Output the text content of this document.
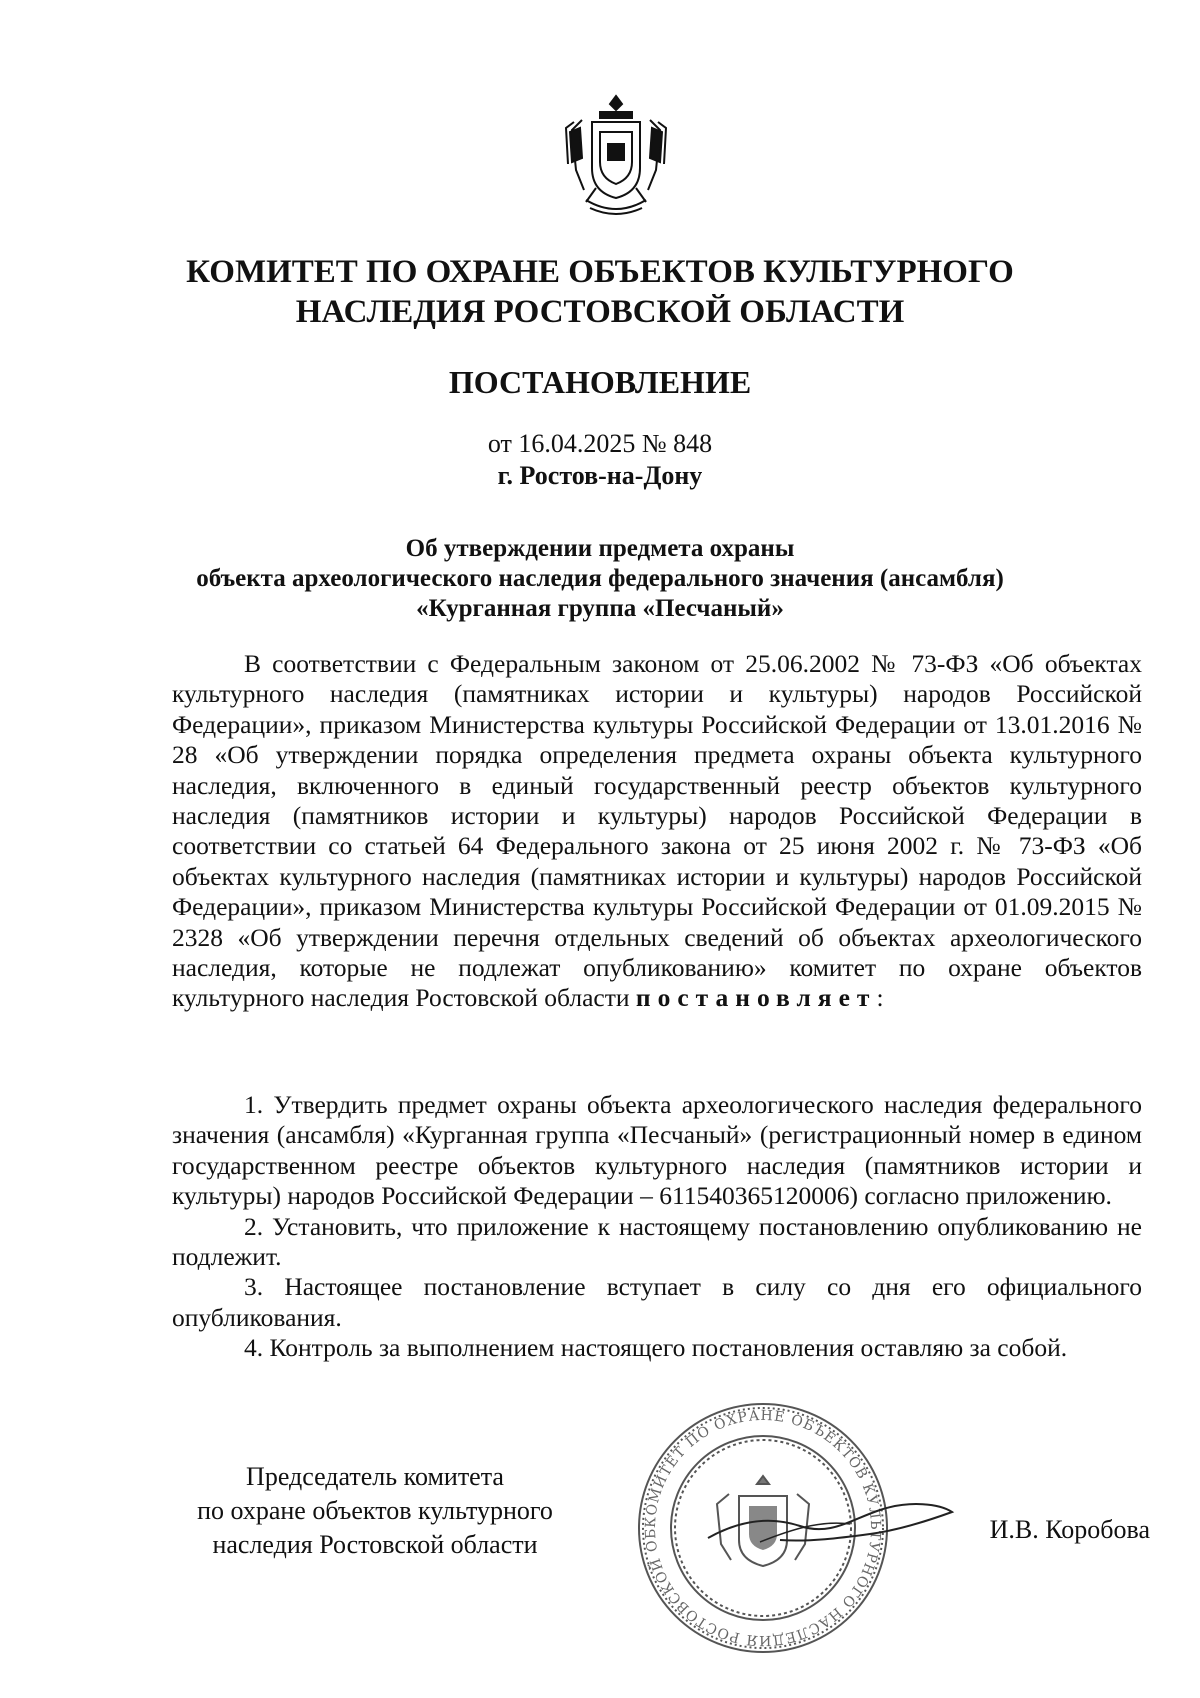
КОМИТЕТ ПО ОХРАНЕ ОБЪЕКТОВ КУЛЬТУРНОГО
НАСЛЕДИЯ РОСТОВСКОЙ ОБЛАСТИ
ПОСТАНОВЛЕНИЕ
от 16.04.2025 № 848
г. Ростов-на-Дону
Об утверждении предмета охраны
объекта археологического наследия федерального значения (ансамбля)
«Курганная группа «Песчаный»

В соответствии с Федеральным законом от 25.06.2002 № 73-ФЗ «Об объектах культурного наследия (памятниках истории и культуры) народов Российской Федерации», приказом Министерства культуры Российской Федерации от 13.01.2016 № 28 «Об утверждении порядка определения предмета охраны объекта культурного наследия, включенного в единый государственный реестр объектов культурного наследия (памятников истории и культуры) народов Российской Федерации в соответствии со статьей 64 Федерального закона от 25 июня 2002 г. № 73-ФЗ «Об объектах культурного наследия (памятниках истории и культуры) народов Российской Федерации», приказом Министерства культуры Российской Федерации от 01.09.2015 № 2328 «Об утверждении перечня отдельных сведений об объектах археологического наследия, которые не подлежат опубликованию» комитет по охране объектов культурного наследия Ростовской области постановляет:

1. Утвердить предмет охраны объекта археологического наследия федерального значения (ансамбля) «Курганная группа «Песчаный» (регистрационный номер в едином государственном реестре объектов культурного наследия (памятников истории и культуры) народов Российской Федерации – 611540365120006) согласно приложению.

2. Установить, что приложение к настоящему постановлению опубликованию не подлежит.

3. Настоящее постановление вступает в силу со дня его официального опубликования.

4. Контроль за выполнением настоящего постановления оставляю за собой.

Председатель комитета
по охране объектов культурного
наследия Ростовской области
КОМИТЕТ ПО ОХРАНЕ ОБЪЕКТОВ КУЛЬТУРНОГО НАСЛЕДИЯ РОСТОВСКОЙ ОБ	И.В. Коробова
